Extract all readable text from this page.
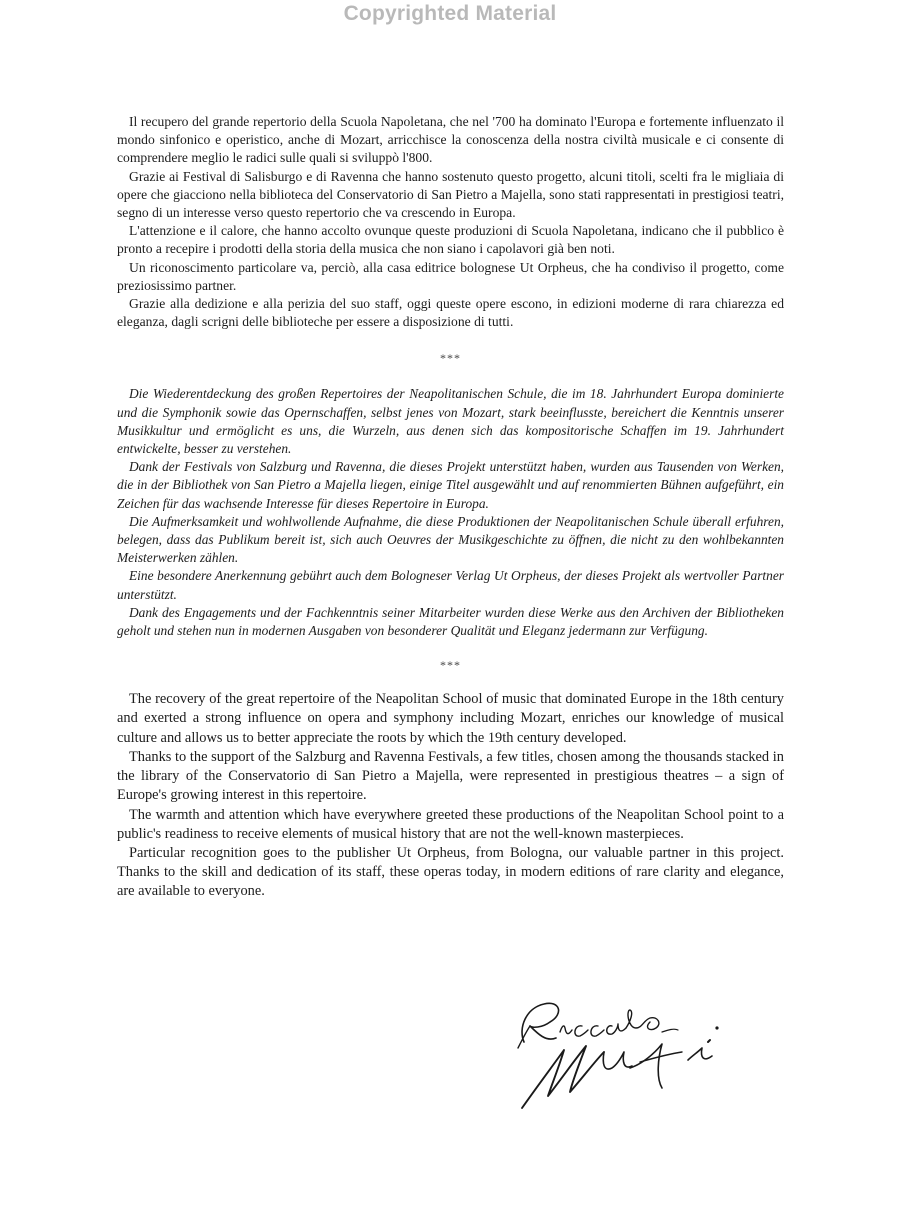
Copyrighted Material

Il recupero del grande repertorio della Scuola Napoletana, che nel '700 ha dominato l'Europa e fortemente influenzato il mondo sinfonico e operistico, anche di Mozart, arricchisce la conoscenza della nostra civiltà musicale e ci consente di comprendere meglio le radici sulle quali si sviluppò l'800.

Grazie ai Festival di Salisburgo e di Ravenna che hanno sostenuto questo progetto, alcuni titoli, scelti fra le migliaia di opere che giacciono nella biblioteca del Conservatorio di San Pietro a Majella, sono stati rappresentati in prestigiosi teatri, segno di un interesse verso questo repertorio che va crescendo in Europa.

L'attenzione e il calore, che hanno accolto ovunque queste produzioni di Scuola Napoletana, indicano che il pubblico è pronto a recepire i prodotti della storia della musica che non siano i capolavori già ben noti.

Un riconoscimento particolare va, perciò, alla casa editrice bolognese Ut Orpheus, che ha condiviso il progetto, come preziosissimo partner.

Grazie alla dedizione e alla perizia del suo staff, oggi queste opere escono, in edizioni moderne di rara chiarezza ed eleganza, dagli scrigni delle biblioteche per essere a disposizione di tutti.

***

Die Wiederentdeckung des großen Repertoires der Neapolitanischen Schule, die im 18. Jahrhundert Europa dominierte und die Symphonik sowie das Opernschaffen, selbst jenes von Mozart, stark beeinflusste, bereichert die Kenntnis unserer Musikkultur und ermöglicht es uns, die Wurzeln, aus denen sich das kompositorische Schaffen im 19. Jahrhundert entwickelte, besser zu verstehen.

Dank der Festivals von Salzburg und Ravenna, die dieses Projekt unterstützt haben, wurden aus Tausenden von Werken, die in der Bibliothek von San Pietro a Majella liegen, einige Titel ausgewählt und auf renommierten Bühnen aufgeführt, ein Zeichen für das wachsende Interesse für dieses Repertoire in Europa.

Die Aufmerksamkeit und wohlwollende Aufnahme, die diese Produktionen der Neapolitanischen Schule überall erfuhren, belegen, dass das Publikum bereit ist, sich auch Oeuvres der Musikgeschichte zu öffnen, die nicht zu den wohlbekannten Meisterwerken zählen.

Eine besondere Anerkennung gebührt auch dem Bologneser Verlag Ut Orpheus, der dieses Projekt als wertvoller Partner unterstützt.

Dank des Engagements und der Fachkenntnis seiner Mitarbeiter wurden diese Werke aus den Archiven der Bibliotheken geholt und stehen nun in modernen Ausgaben von besonderer Qualität und Eleganz jedermann zur Verfügung.

***

The recovery of the great repertoire of the Neapolitan School of music that dominated Europe in the 18th century and exerted a strong influence on opera and symphony including Mozart, enriches our knowledge of musical culture and allows us to better appreciate the roots by which the 19th century developed.

Thanks to the support of the Salzburg and Ravenna Festivals, a few titles, chosen among the thousands stacked in the library of the Conservatorio di San Pietro a Majella, were represented in prestigious theatres – a sign of Europe's growing interest in this repertoire.

The warmth and attention which have everywhere greeted these productions of the Neapolitan School point to a public's readiness to receive elements of musical history that are not the well-known masterpieces.

Particular recognition goes to the publisher Ut Orpheus, from Bologna, our valuable partner in this project. Thanks to the skill and dedication of its staff, these operas today, in modern editions of rare clarity and elegance, are available to everyone.
